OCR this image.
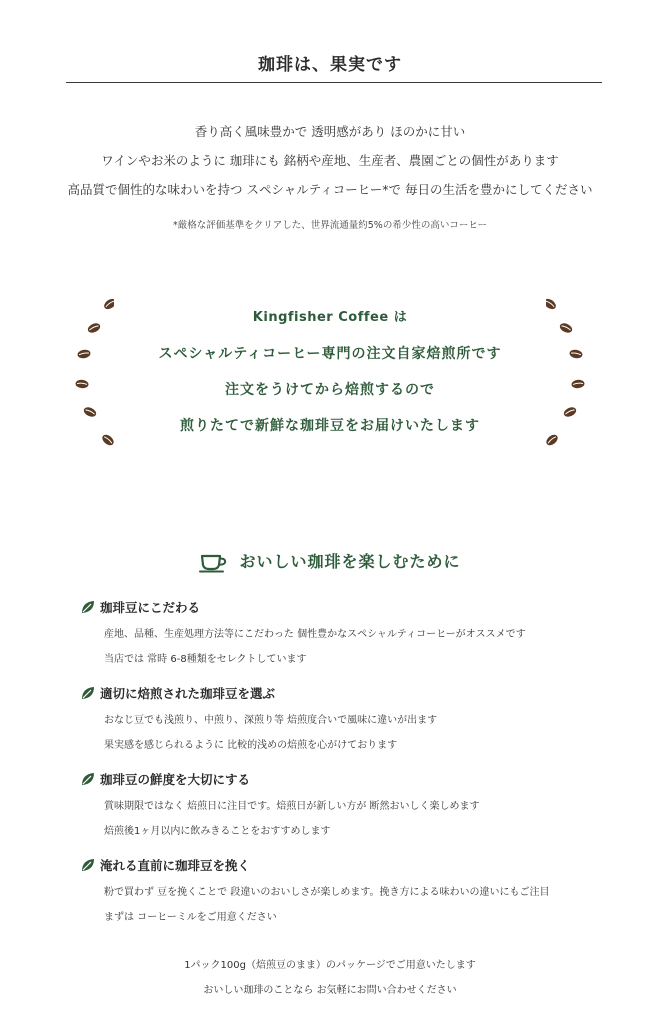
珈琲は、果実です
香り高く風味豊かで 透明感があり ほのかに甘い
ワインやお米のように 珈琲にも 銘柄や産地、生産者、農園ごとの個性があります
高品質で個性的な味わいを持つ スペシャルティコーヒー*で 毎日の生活を豊かにしてください
*厳格な評価基準をクリアした、世界流通量約5%の希少性の高いコーヒー
Kingfisher Coffee は
スペシャルティコーヒー専門の注文自家焙煎所です
注文をうけてから焙煎するので
煎りたてで新鮮な珈琲豆をお届けいたします
おいしい珈琲を楽しむために
珈琲豆にこだわる
産地、品種、生産処理方法等にこだわった 個性豊かなスペシャルティコーヒーがオススメです
当店では 常時 6-8種類をセレクトしています
適切に焙煎された珈琲豆を選ぶ
おなじ豆でも浅煎り、中煎り、深煎り等 焙煎度合いで風味に違いが出ます
果実感を感じられるように 比較的浅めの焙煎を心がけております
珈琲豆の鮮度を大切にする
賞味期限ではなく 焙煎日に注目です。焙煎日が新しい方が 断然おいしく楽しめます
焙煎後1ヶ月以内に飲みきることをおすすめします
淹れる直前に珈琲豆を挽く
粉で買わず 豆を挽くことで 段違いのおいしさが楽しめます。挽き方による味わいの違いにもご注目
まずは コーヒーミルをご用意ください
1パック100g（焙煎豆のまま）のパッケージでご用意いたします
おいしい珈琲のことなら お気軽にお問い合わせください
